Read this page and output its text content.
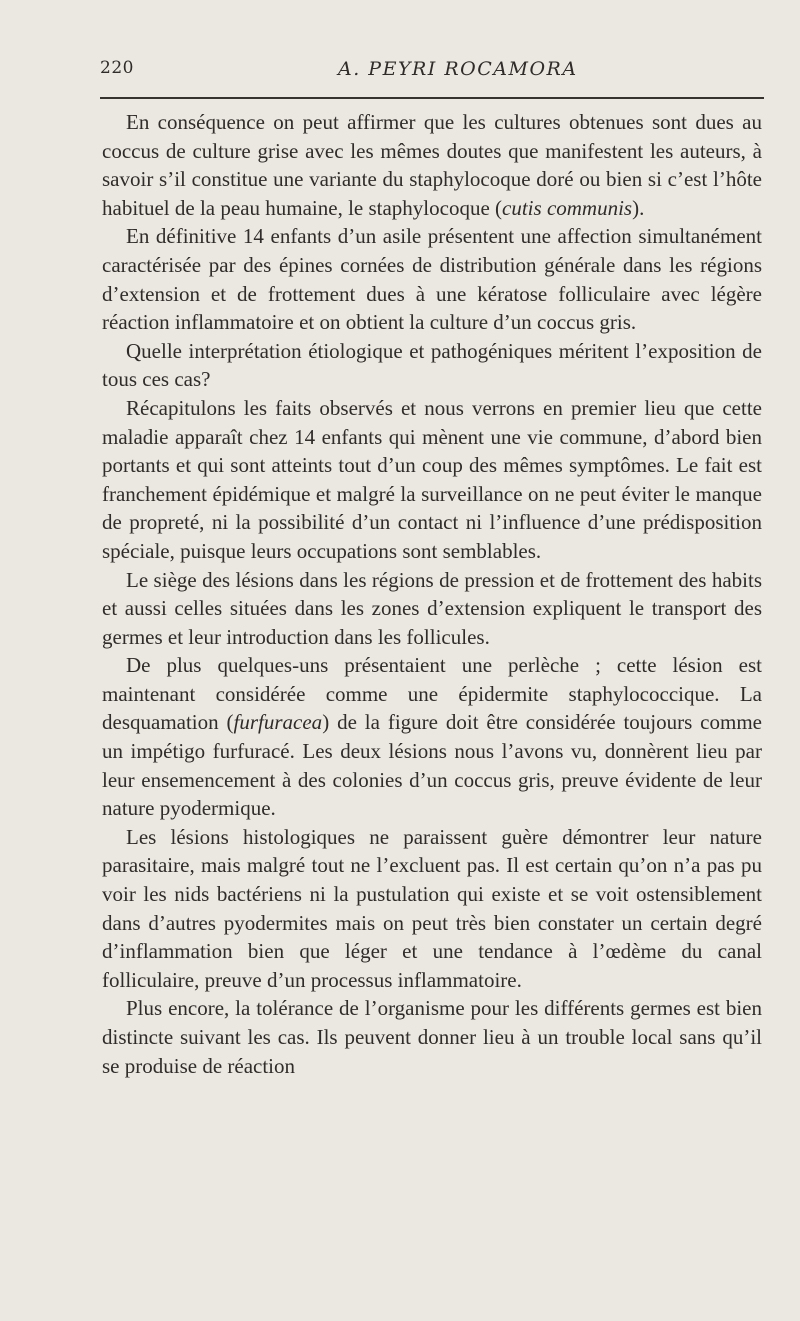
220	A. PEYRI ROCAMORA

En conséquence on peut affirmer que les cultures obtenues sont dues au coccus de culture grise avec les mêmes doutes que manifestent les auteurs, à savoir s’il constitue une variante du staphylocoque doré ou bien si c’est l’hôte habituel de la peau humaine, le staphylocoque (cutis communis).

En définitive 14 enfants d’un asile présentent une affection simultanément caractérisée par des épines cornées de distribution générale dans les régions d’extension et de frottement dues à une kératose folliculaire avec légère réaction inflammatoire et on obtient la culture d’un coccus gris.

Quelle interprétation étiologique et pathogéniques méritent l’exposition de tous ces cas?

Récapitulons les faits observés et nous verrons en premier lieu que cette maladie apparaît chez 14 enfants qui mènent une vie commune, d’abord bien portants et qui sont atteints tout d’un coup des mêmes symptômes. Le fait est franchement épidémique et malgré la surveillance on ne peut éviter le manque de propreté, ni la possibilité d’un contact ni l’influence d’une prédisposition spéciale, puisque leurs occupations sont semblables.

Le siège des lésions dans les régions de pression et de frottement des habits et aussi celles situées dans les zones d’extension expliquent le transport des germes et leur introduction dans les follicules.

De plus quelques-uns présentaient une perlèche ; cette lésion est maintenant considérée comme une épidermite staphylococcique. La desquamation (furfuracea) de la figure doit être considérée toujours comme un impétigo furfuracé. Les deux lésions nous l’avons vu, donnèrent lieu par leur ensemencement à des colonies d’un coccus gris, preuve évidente de leur nature pyodermique.

Les lésions histologiques ne paraissent guère démontrer leur nature parasitaire, mais malgré tout ne l’excluent pas. Il est certain qu’on n’a pas pu voir les nids bactériens ni la pustulation qui existe et se voit ostensiblement dans d’autres pyodermites mais on peut très bien constater un certain degré d’inflammation bien que léger et une tendance à l’œdème du canal folliculaire, preuve d’un processus inflammatoire.

Plus encore, la tolérance de l’organisme pour les différents germes est bien distincte suivant les cas. Ils peuvent donner lieu à un trouble local sans qu’il se produise de réaction
